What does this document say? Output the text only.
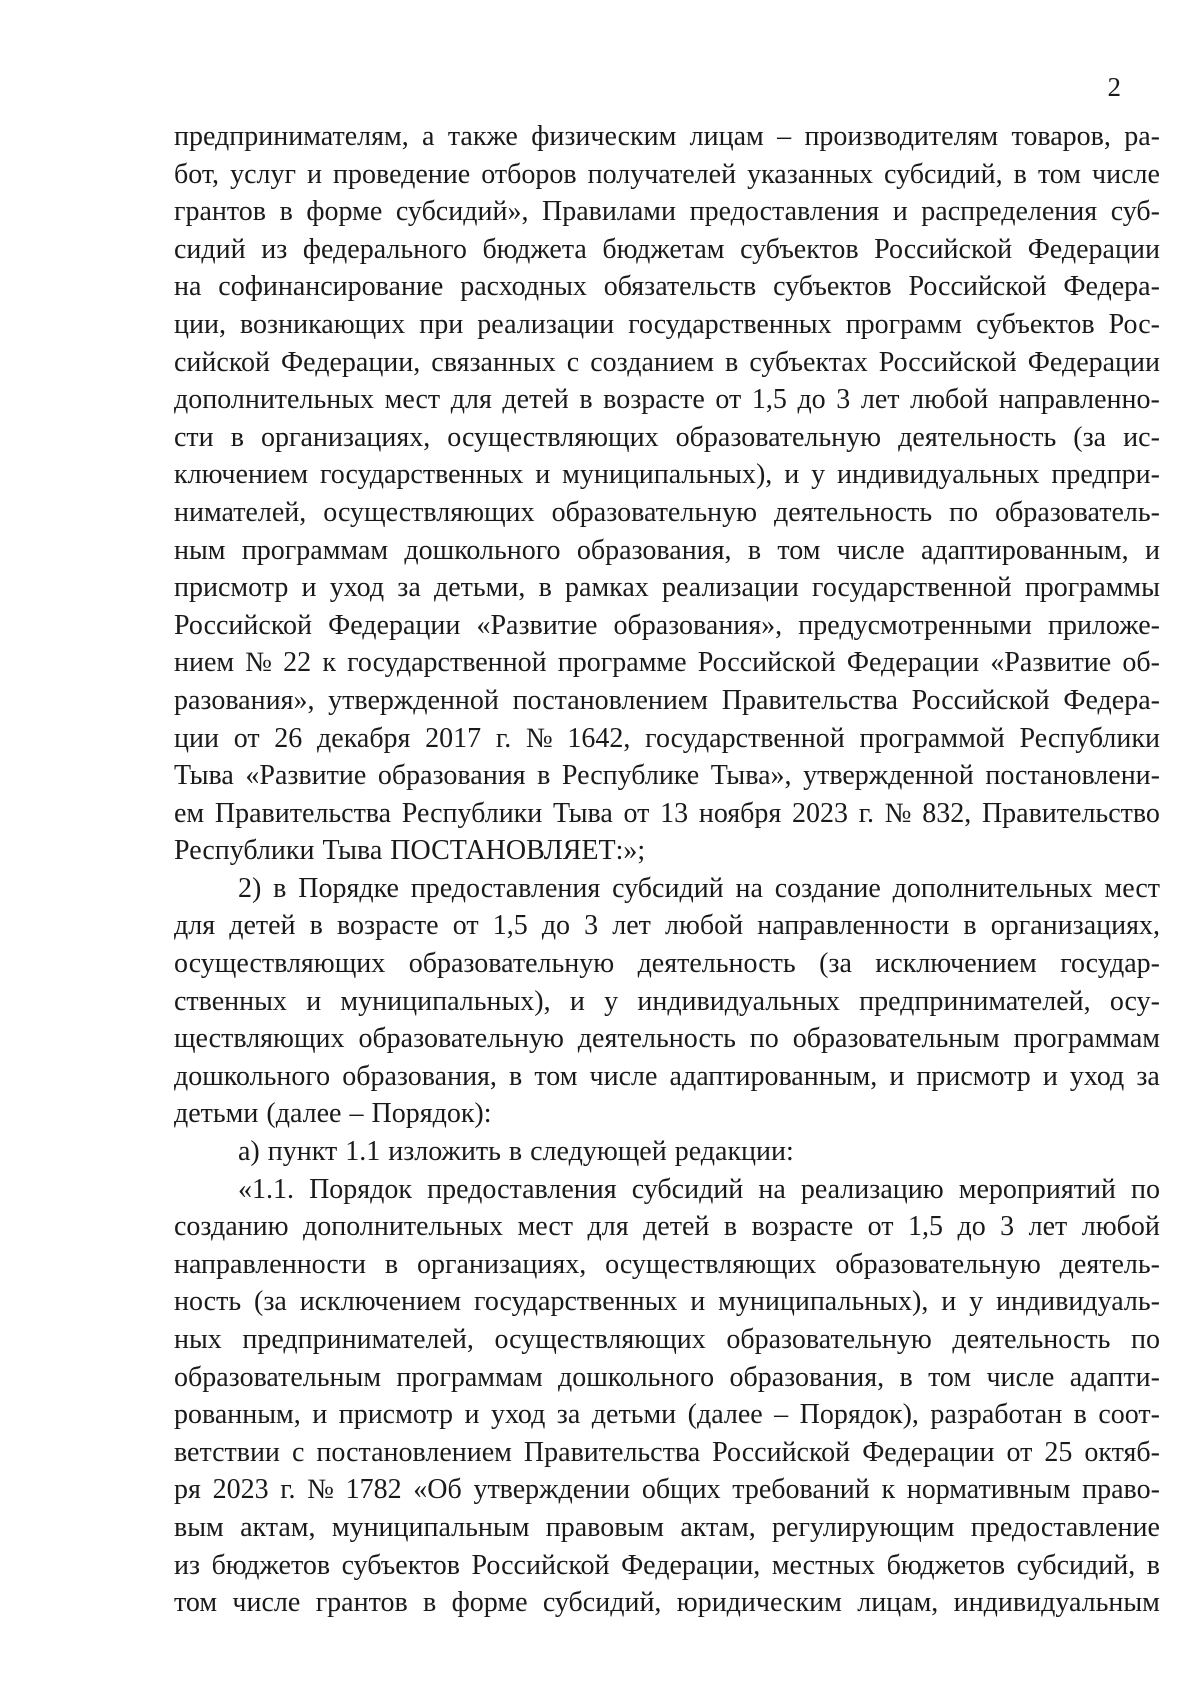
2
предпринимателям, а также физическим лицам – производителям товаров, ра-
бот, услуг и проведение отборов получателей указанных субсидий, в том числе
грантов в форме субсидий», Правилами предоставления и распределения суб-
сидий из федерального бюджета бюджетам субъектов Российской Федерации
на софинансирование расходных обязательств субъектов Российской Федера-
ции, возникающих при реализации государственных программ субъектов Рос-
сийской Федерации, связанных с созданием в субъектах Российской Федерации
дополнительных мест для детей в возрасте от 1,5 до 3 лет любой направленно-
сти в организациях, осуществляющих образовательную деятельность (за ис-
ключением государственных и муниципальных), и у индивидуальных предпри-
нимателей, осуществляющих образовательную деятельность по образователь-
ным программам дошкольного образования, в том числе адаптированным, и
присмотр и уход за детьми, в рамках реализации государственной программы
Российской Федерации «Развитие образования», предусмотренными приложе-
нием № 22 к государственной программе Российской Федерации «Развитие об-
разования», утвержденной постановлением Правительства Российской Федера-
ции от 26 декабря 2017 г. № 1642, государственной программой Республики
Тыва «Развитие образования в Республике Тыва», утвержденной постановлени-
ем Правительства Республики Тыва от 13 ноября 2023 г. № 832, Правительство
Республики Тыва ПОСТАНОВЛЯЕТ:»;
2) в Порядке предоставления субсидий на создание дополнительных мест
для детей в возрасте от 1,5 до 3 лет любой направленности в организациях,
осуществляющих образовательную деятельность (за исключением государ-
ственных и муниципальных), и у индивидуальных предпринимателей, осу-
ществляющих образовательную деятельность по образовательным программам
дошкольного образования, в том числе адаптированным, и присмотр и уход за
детьми (далее – Порядок):
а) пункт 1.1 изложить в следующей редакции:
«1.1. Порядок предоставления субсидий на реализацию мероприятий по
созданию дополнительных мест для детей в возрасте от 1,5 до 3 лет любой
направленности в организациях, осуществляющих образовательную деятель-
ность (за исключением государственных и муниципальных), и у индивидуаль-
ных предпринимателей, осуществляющих образовательную деятельность по
образовательным программам дошкольного образования, в том числе адапти-
рованным, и присмотр и уход за детьми (далее – Порядок), разработан в соот-
ветствии с постановлением Правительства Российской Федерации от 25 октяб-
ря 2023 г. № 1782 «Об утверждении общих требований к нормативным право-
вым актам, муниципальным правовым актам, регулирующим предоставление
из бюджетов субъектов Российской Федерации, местных бюджетов субсидий, в
том числе грантов в форме субсидий, юридическим лицам, индивидуальным
